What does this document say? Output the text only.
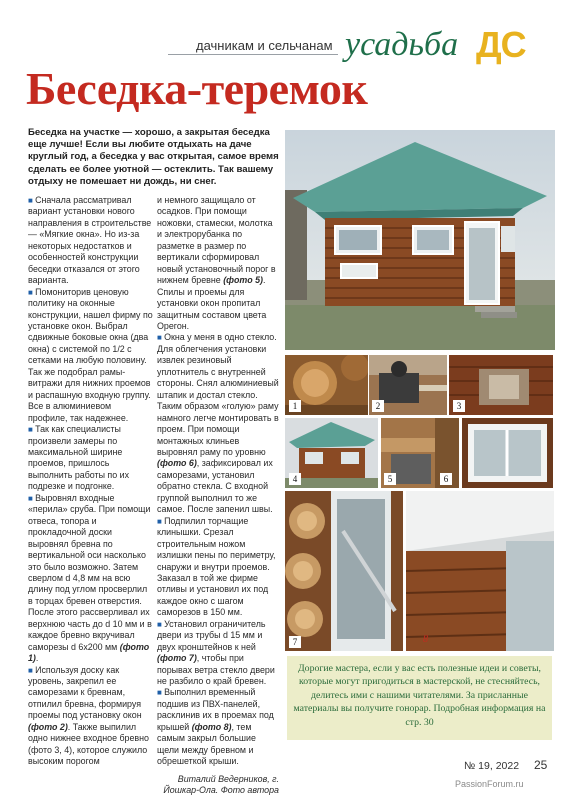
дачникам и сельчанам усадьба ДС
Беседка-теремок
Беседка на участке — хорошо, а закрытая беседка еще лучше! Если вы любите отдыхать на даче круглый год, а беседка у вас открытая, самое время сделать ее более уютной — остеклить. Так вашему отдыху не помешает ни дождь, ни снег.

■ Сначала рассматривал вариант установки нового направления в строительстве — «Мягкие окна». Но из-за некоторых недостатков и особенностей конструкции беседки отказался от этого варианта.

■ Помониторив ценовую политику на оконные конструкции, нашел фирму по установке окон. Выбрал сдвижные боковые окна (два окна) с системой по 1/2 с сетками на любую половину. Так же подобрал рамы-витражи для нижних проемов и распашную входную группу. Все в алюминиевом профиле, так надежнее.

■ Так как специалисты произвели замеры по максимальной ширине проемов, пришлось выполнить работы по их подрезке и подгонке.

■ Выровнял входные «перила» сруба. При помощи отвеса, топора и прокладочной доски выровнял бревна по вертикальной оси насколько это было возможно. Затем сверлом d 4,8 мм на всю длину под углом просверлил в торцах бревен отверстия. После этого рассверливал их верхнюю часть до d 10 мм и в каждое бревно вкручивал саморезы d 6х200 мм (фото 1).

■ Используя доску как уровень, закрепил ее саморезами к бревнам, отпилил бревна, формируя проемы под установку окон (фото 2). Также выпилил одно нижнее входное бревно (фото 3, 4), которое служило высоким порогом

и немного защищало от осадков. При помощи ножовки, стамески, молотка и электрорубанка по разметке в размер по вертикали сформировал новый установочный порог в нижнем бревне (фото 5). Спилы и проемы для установки окон пропитал защитным составом цвета Орегон.

■ Окна у меня в одно стекло. Для облегчения установки извлек резиновый уплотнитель с внутренней стороны. Снял алюминиевый штапик и достал стекло. Таким образом «голую» раму намного легче монтировать в проем. При помощи монтажных клиньев выровнял раму по уровню (фото 6), зафиксировал их саморезами, установил обратно стекла. С входной группой выполнил то же самое. После запенил швы.

■ Подпилил торчащие клинышки. Срезал строительным ножом излишки пены по периметру, снаружи и внутри проемов. Заказал в той же фирме отливы и установил их под каждое окно с шагом саморезов в 150 мм.

■ Установил ограничитель двери из трубы d 15 мм и двух кронштейнов к ней (фото 7), чтобы при порывах ветра стекло двери не разбило о край бревен.

■ Выполнил временный подшив из ПВХ-панелей, расклинив их в проемах под крышей (фото 8), тем самым закрыл большие щели между бревном и обрешеткой крыши.

Виталий Ведерников, г. Йошкар-Ола. Фото автора

1	2	3
4	5	6
7	8
Дорогие мастера, если у вас есть полезные идеи и советы, которые могут пригодиться в мастерской, не стесняйтесь, делитесь ими с нашими читателями. За присланные материалы вы получите гонорар. Подробная информация на стр. 30
№ 19, 2022 25
PassionForum.ru
